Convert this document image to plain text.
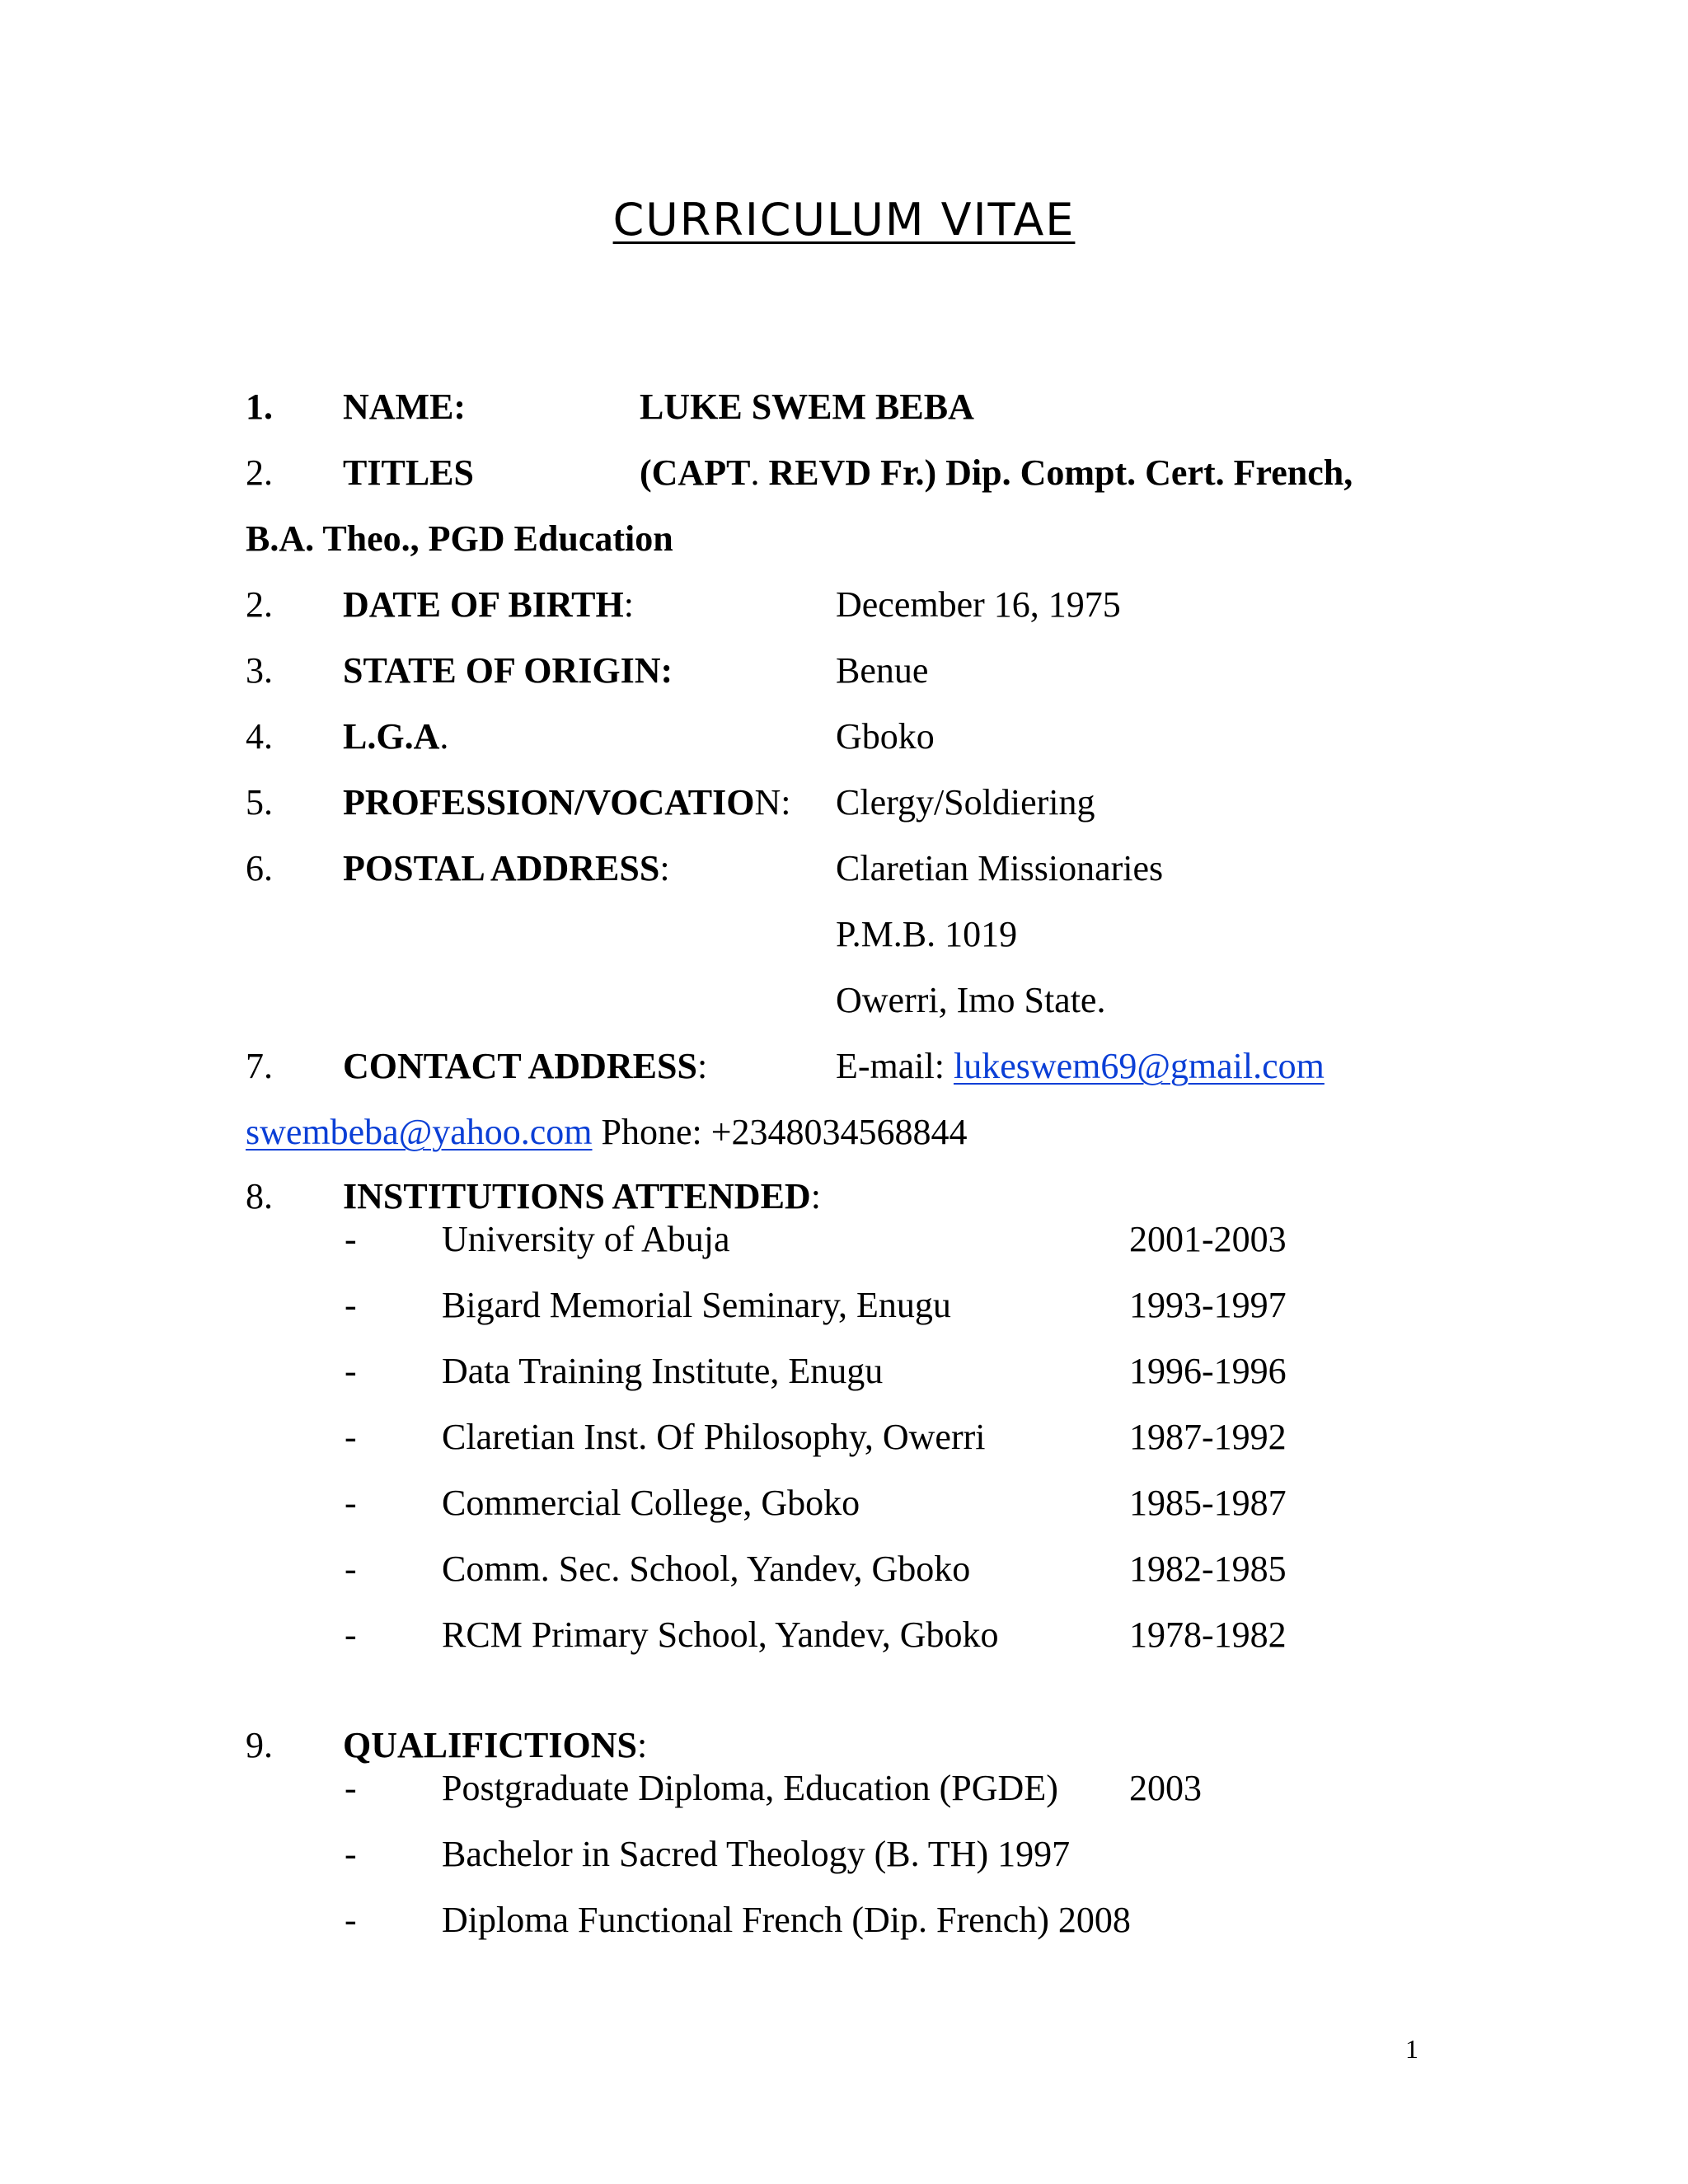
CURRICULUM VITAE
1. NAME:	LUKE SWEM BEBA
2. TITLES	(CAPT. REVD Fr.) Dip. Compt. Cert. French,
B.A. Theo., PGD Education
2. DATE OF BIRTH:	December 16, 1975
3. STATE OF ORIGIN:	Benue
4. L.G.A.	Gboko
5. PROFESSION/VOCATION: Clergy/Soldiering
6. POSTAL ADDRESS:	Claretian Missionaries
P.M.B. 1019
Owerri, Imo State.
7. CONTACT ADDRESS:	E-mail: lukeswem69@gmail.com
swembeba@yahoo.com Phone: +2348034568844
8. INSTITUTIONS ATTENDED:
- University of Abuja	2001-2003
- Bigard Memorial Seminary, Enugu	1993-1997
- Data Training Institute, Enugu	1996-1996
- Claretian Inst. Of Philosophy, Owerri	1987-1992
- Commercial College, Gboko	1985-1987
- Comm. Sec. School, Yandev, Gboko	1982-1985
- RCM Primary School, Yandev, Gboko	1978-1982
9. QUALIFICTIONS:
- Postgraduate Diploma, Education (PGDE) 2003
- Bachelor in Sacred Theology (B. TH) 1997
- Diploma Functional French (Dip. French) 2008
1
